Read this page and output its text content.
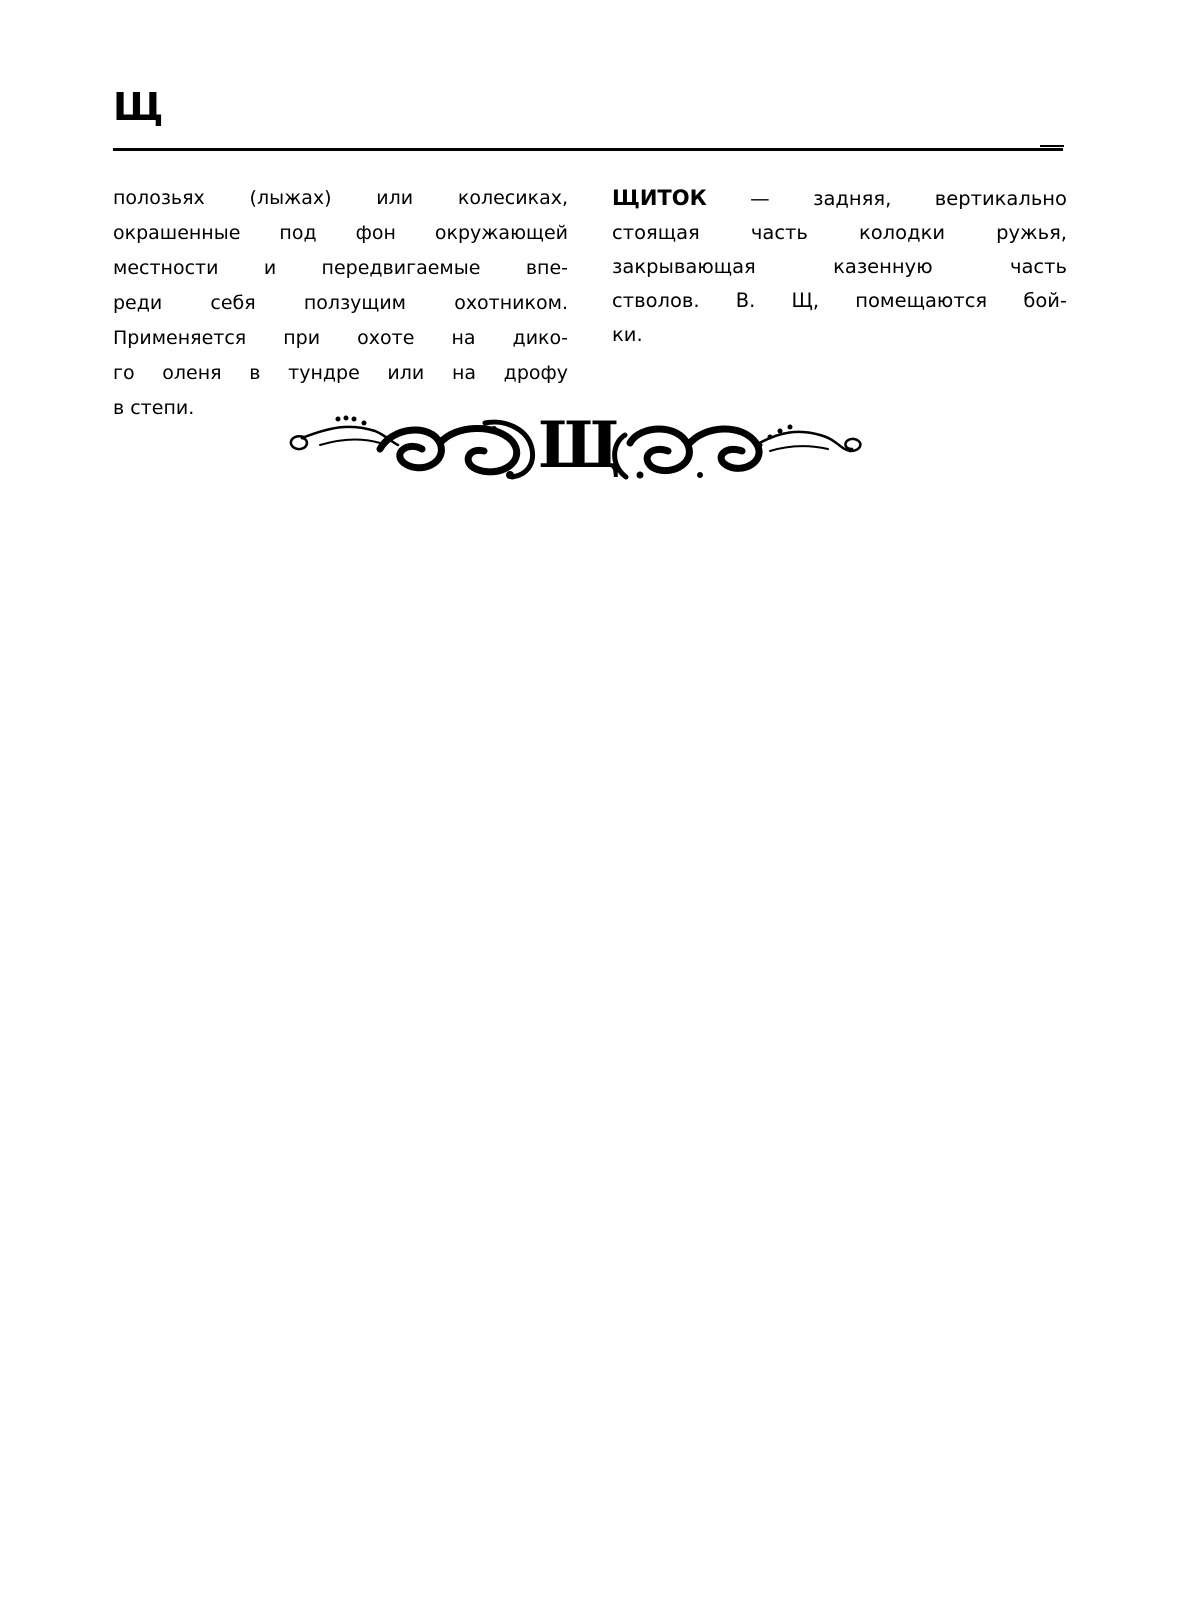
Щ
полозьях (лыжах) или колесиках,
окрашенные под фон окружающей
местности и передвигаемые впе-
реди себя ползущим охотником.
Применяется при охоте на дико-
го оленя в тундре или на дрофу
в степи.
ЩИТОК — задняя, вертикально
стоящая часть колодки ружья,
закрывающая казенную часть
стволов. В. Щ, помещаются бой-
ки.
Щ
